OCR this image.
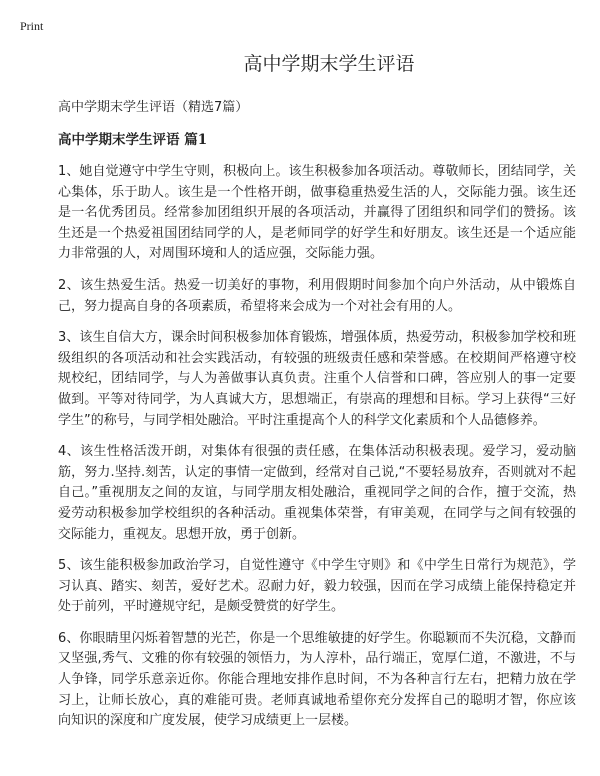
Print
高中学期末学生评语

高中学期末学生评语（精选7篇）

高中学期末学生评语 篇1

1、她自觉遵守中学生守则，积极向上。该生积极参加各项活动。尊敬师长，团结同学，关心集体，乐于助人。该生是一个性格开朗，做事稳重热爱生活的人，交际能力强。该生还是一名优秀团员。经常参加团组织开展的各项活动，并赢得了团组织和同学们的赞扬。该生还是一个热爱祖国团结同学的人，是老师同学的好学生和好朋友。该生还是一个适应能力非常强的人，对周围环境和人的适应强，交际能力强。

2、该生热爱生活。热爱一切美好的事物，利用假期时间参加个向户外活动，从中锻炼自己，努力提高自身的各项素质，希望将来会成为一个对社会有用的人。

3、该生自信大方，课余时间积极参加体育锻炼，增强体质，热爱劳动，积极参加学校和班级组织的各项活动和社会实践活动，有较强的班级责任感和荣誉感。在校期间严格遵守校规校纪，团结同学，与人为善做事认真负责。注重个人信誉和口碑，答应别人的事一定要做到。平等对待同学，为人真诚大方，思想端正，有崇高的理想和目标。学习上获得“三好学生”的称号，与同学相处融洽。平时注重提高个人的科学文化素质和个人品德修养。

4、该生性格活泼开朗，对集体有很强的责任感，在集体活动积极表现。爱学习，爱动脑筋，努力.坚持.刻苦，认定的事情一定做到，经常对自己说,“不要轻易放弃，否则就对不起自己。”重视朋友之间的友谊，与同学朋友相处融洽，重视同学之间的合作，擅于交流，热爱劳动积极参加学校组织的各种活动。重视集体荣誉，有审美观，在同学与之间有较强的交际能力，重视友。思想开放，勇于创新。

5、该生能积极参加政治学习，自觉性遵守《中学生守则》和《中学生日常行为规范》，学习认真、踏实、刻苦，爱好艺术。忍耐力好，毅力较强，因而在学习成绩上能保持稳定并处于前列，平时遵规守纪，是颇受赞赏的好学生。

6、你眼睛里闪烁着智慧的光芒，你是一个思维敏捷的好学生。你聪颖而不失沉稳，文静而又坚强,秀气、文雅的你有较强的领悟力，为人淳朴，品行端正，宽厚仁道，不激进，不与人争锋，同学乐意亲近你。你能合理地安排作息时间，不为各种言行左右，把精力放在学习上，让师长放心，真的难能可贵。老师真诚地希望你充分发挥自己的聪明才智，你应该向知识的深度和广度发展，使学习成绩更上一层楼。
